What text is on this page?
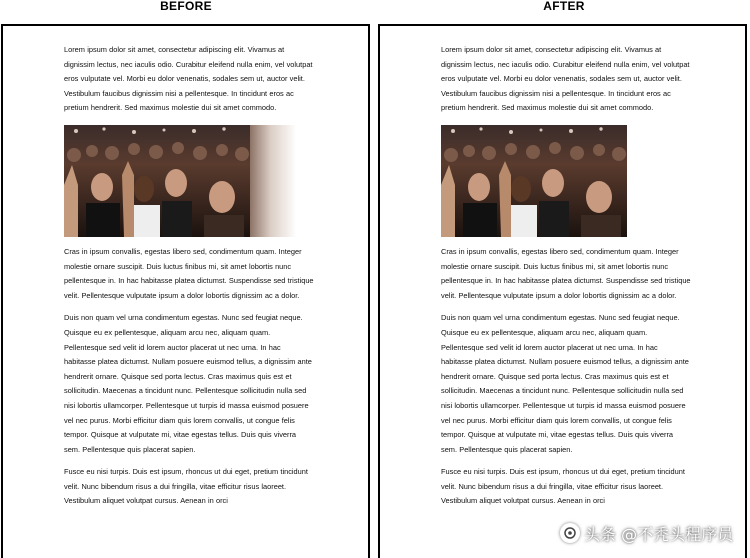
BEFORE	AFTER

Lorem ipsum dolor sit amet, consectetur adipiscing elit. Vivamus at dignissim lectus, nec iaculis odio. Curabitur eleifend nulla enim, vel volutpat eros vulputate vel. Morbi eu dolor venenatis, sodales sem ut, auctor velit. Vestibulum faucibus dignissim nisi a pellentesque. In tincidunt eros ac pretium hendrerit. Sed maximus molestie dui sit amet commodo.

Cras in ipsum convallis, egestas libero sed, condimentum quam. Integer molestie ornare suscipit. Duis luctus finibus mi, sit amet lobortis nunc pellentesque in. In hac habitasse platea dictumst. Suspendisse sed tristique velit. Pellentesque vulputate ipsum a dolor lobortis dignissim ac a dolor.

Duis non quam vel urna condimentum egestas. Nunc sed feugiat neque. Quisque eu ex pellentesque, aliquam arcu nec, aliquam quam. Pellentesque sed velit id lorem auctor placerat ut nec urna. In hac habitasse platea dictumst. Nullam posuere euismod tellus, a dignissim ante hendrerit ornare. Quisque sed porta lectus. Cras maximus quis est et sollicitudin. Maecenas a tincidunt nunc. Pellentesque sollicitudin nulla sed nisi lobortis ullamcorper. Pellentesque ut turpis id massa euismod posuere vel nec purus. Morbi efficitur diam quis lorem convallis, ut congue felis tempor. Quisque at vulputate mi, vitae egestas tellus. Duis quis viverra sem. Pellentesque quis placerat sapien.

Fusce eu nisi turpis. Duis est ipsum, rhoncus ut dui eget, pretium tincidunt velit. Nunc bibendum risus a dui fringilla, vitae efficitur risus laoreet. Vestibulum aliquet volutpat cursus. Aenean in orci

Lorem ipsum dolor sit amet, consectetur adipiscing elit. Vivamus at dignissim lectus, nec iaculis odio. Curabitur eleifend nulla enim, vel volutpat eros vulputate vel. Morbi eu dolor venenatis, sodales sem ut, auctor velit. Vestibulum faucibus dignissim nisi a pellentesque. In tincidunt eros ac pretium hendrerit. Sed maximus molestie dui sit amet commodo.

Cras in ipsum convallis, egestas libero sed, condimentum quam. Integer molestie ornare suscipit. Duis luctus finibus mi, sit amet lobortis nunc pellentesque in. In hac habitasse platea dictumst. Suspendisse sed tristique velit. Pellentesque vulputate ipsum a dolor lobortis dignissim ac a dolor.

Duis non quam vel urna condimentum egestas. Nunc sed feugiat neque. Quisque eu ex pellentesque, aliquam arcu nec, aliquam quam. Pellentesque sed velit id lorem auctor placerat ut nec urna. In hac habitasse platea dictumst. Nullam posuere euismod tellus, a dignissim ante hendrerit ornare. Quisque sed porta lectus. Cras maximus quis est et sollicitudin. Maecenas a tincidunt nunc. Pellentesque sollicitudin nulla sed nisi lobortis ullamcorper. Pellentesque ut turpis id massa euismod posuere vel nec purus. Morbi efficitur diam quis lorem convallis, ut congue felis tempor. Quisque at vulputate mi, vitae egestas tellus. Duis quis viverra sem. Pellentesque quis placerat sapien.

Fusce eu nisi turpis. Duis est ipsum, rhoncus ut dui eget, pretium tincidunt velit. Nunc bibendum risus a dui fringilla, vitae efficitur risus laoreet. Vestibulum aliquet volutpat cursus. Aenean in orci

头条 @不秃头程序员
